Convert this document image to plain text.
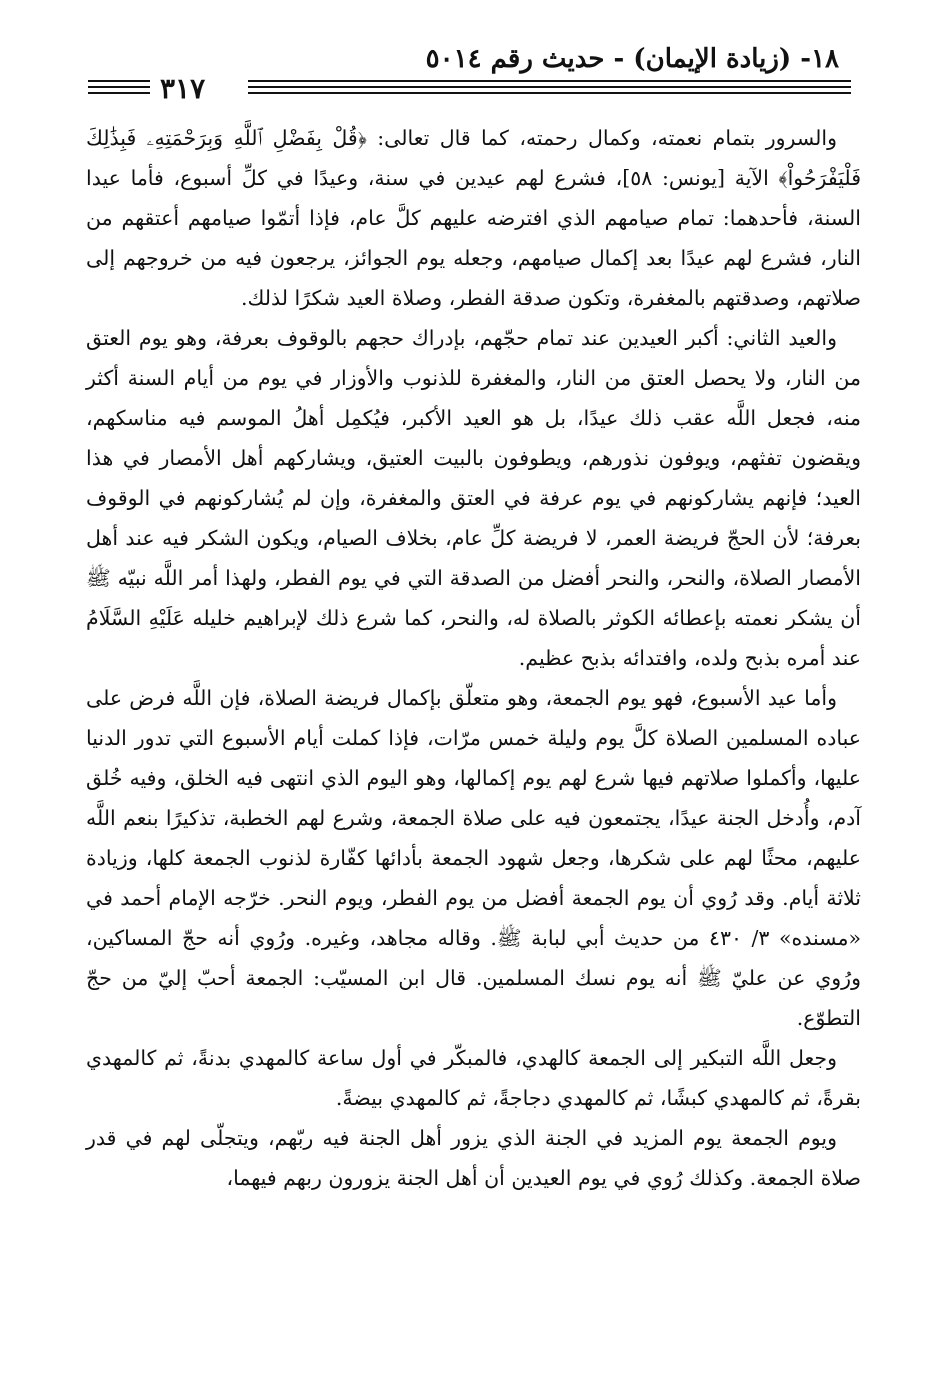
١٨- (زيادة الإيمان) - حديث رقم ٥٠١٤
٣١٧

والسرور بتمام نعمته، وكمال رحمته، كما قال تعالى: ﴿قُلْ بِفَضْلِ ٱللَّهِ وَبِرَحْمَتِهِۦ فَبِذَٰلِكَ فَلْيَفْرَحُواْ﴾ الآية [يونس: ٥٨]، فشرع لهم عيدين في سنة، وعيدًا في كلِّ أسبوع، فأما عيدا السنة، فأحدهما: تمام صيامهم الذي افترضه عليهم كلَّ عام، فإذا أتمّوا صيامهم أعتقهم من النار، فشرع لهم عيدًا بعد إكمال صيامهم، وجعله يوم الجوائز، يرجعون فيه من خروجهم إلى صلاتهم، وصدقتهم بالمغفرة، وتكون صدقة الفطر، وصلاة العيد شكرًا لذلك.

والعيد الثاني: أكبر العيدين عند تمام حجّهم، بإدراك حجهم بالوقوف بعرفة، وهو يوم العتق من النار، ولا يحصل العتق من النار، والمغفرة للذنوب والأوزار في يوم من أيام السنة أكثر منه، فجعل اللَّه عقب ذلك عيدًا، بل هو العيد الأكبر، فيُكمِل أهلُ الموسم فيه مناسكهم، ويقضون تفثهم، ويوفون نذورهم، ويطوفون بالبيت العتيق، ويشاركهم أهل الأمصار في هذا العيد؛ فإنهم يشاركونهم في يوم عرفة في العتق والمغفرة، وإن لم يُشاركونهم في الوقوف بعرفة؛ لأن الحجّ فريضة العمر، لا فريضة كلِّ عام، بخلاف الصيام، ويكون الشكر فيه عند أهل الأمصار الصلاة، والنحر، والنحر أفضل من الصدقة التي في يوم الفطر، ولهذا أمر اللَّه نبيّه ﷺ أن يشكر نعمته بإعطائه الكوثر بالصلاة له، والنحر، كما شرع ذلك لإبراهيم خليله عَلَيْهِ السَّلَامُ عند أمره بذبح ولده، وافتدائه بذبح عظيم.

وأما عيد الأسبوع، فهو يوم الجمعة، وهو متعلّق بإكمال فريضة الصلاة، فإن اللَّه فرض على عباده المسلمين الصلاة كلَّ يوم وليلة خمس مرّات، فإذا كملت أيام الأسبوع التي تدور الدنيا عليها، وأكملوا صلاتهم فيها شرع لهم يوم إكمالها، وهو اليوم الذي انتهى فيه الخلق، وفيه خُلق آدم، وأُدخل الجنة عيدًا، يجتمعون فيه على صلاة الجمعة، وشرع لهم الخطبة، تذكيرًا بنعم اللَّه عليهم، محثًا لهم على شكرها، وجعل شهود الجمعة بأدائها كفّارة لذنوب الجمعة كلها، وزيادة ثلاثة أيام. وقد رُوي أن يوم الجمعة أفضل من يوم الفطر، ويوم النحر. خرّجه الإمام أحمد في «مسنده» ٣/ ٤٣٠ من حديث أبي لبابة ﷺ. وقاله مجاهد، وغيره. ورُوي أنه حجّ المساكين، ورُوي عن عليّ ﷺ أنه يوم نسك المسلمين. قال ابن المسيّب: الجمعة أحبّ إليّ من حجّ التطوّع.

وجعل اللَّه التبكير إلى الجمعة كالهدي، فالمبكّر في أول ساعة كالمهدي بدنةً، ثم كالمهدي بقرةً، ثم كالمهدي كبشًا، ثم كالمهدي دجاجةً، ثم كالمهدي بيضةً.

ويوم الجمعة يوم المزيد في الجنة الذي يزور أهل الجنة فيه ربّهم، ويتجلّى لهم في قدر صلاة الجمعة. وكذلك رُوي في يوم العيدين أن أهل الجنة يزورون ربهم فيهما،
